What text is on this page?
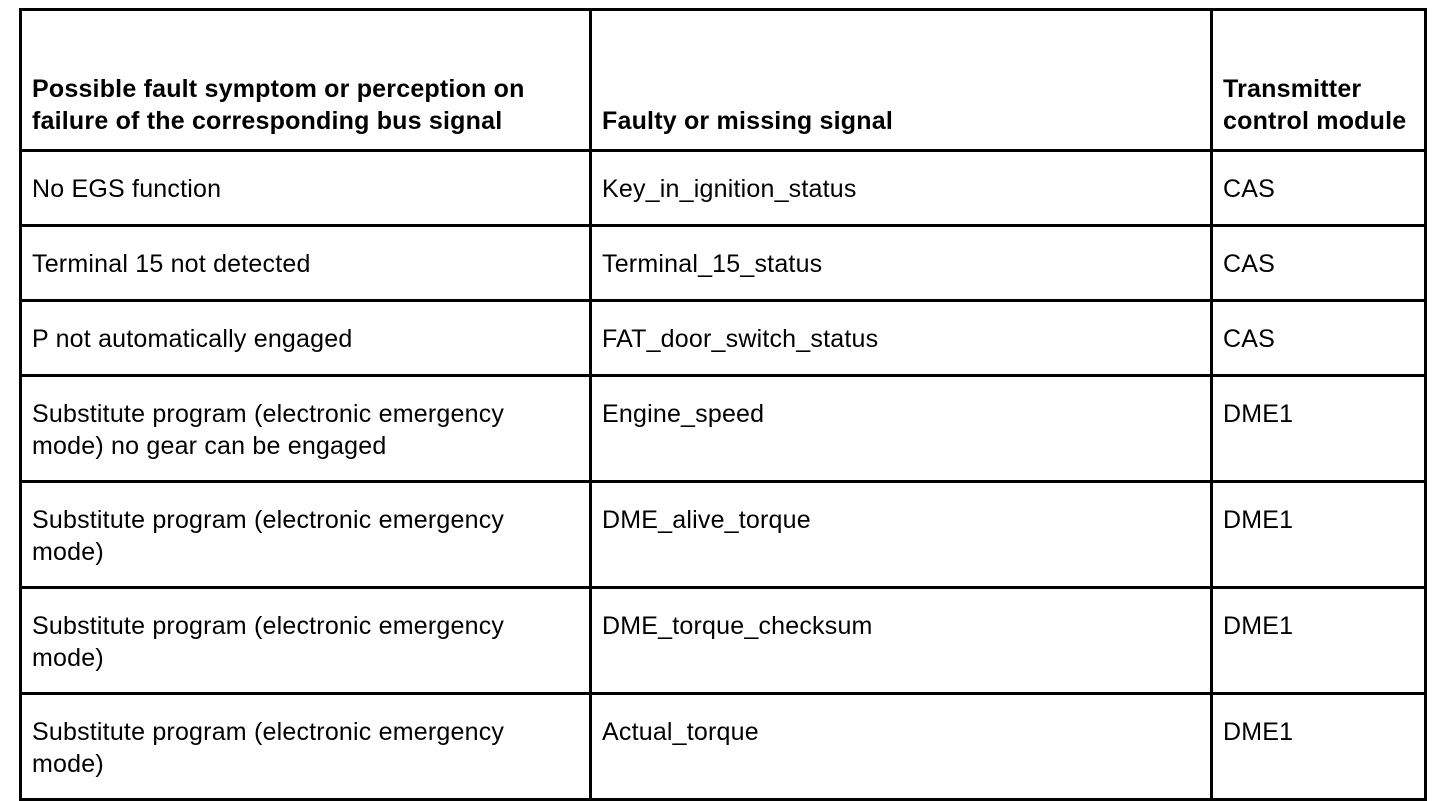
Possible fault symptom or perception on failure of the corresponding bus signal	Faulty or missing signal	Transmitter control module
No EGS function	Key_in_ignition_status	CAS
Terminal 15 not detected	Terminal_15_status	CAS
P not automatically engaged	FAT_door_switch_status	CAS
Substitute program (electronic emergency mode) no gear can be engaged	Engine_speed	DME1
Substitute program (electronic emergency mode)	DME_alive_torque	DME1
Substitute program (electronic emergency mode)	DME_torque_checksum	DME1
Substitute program (electronic emergency mode)	Actual_torque	DME1
